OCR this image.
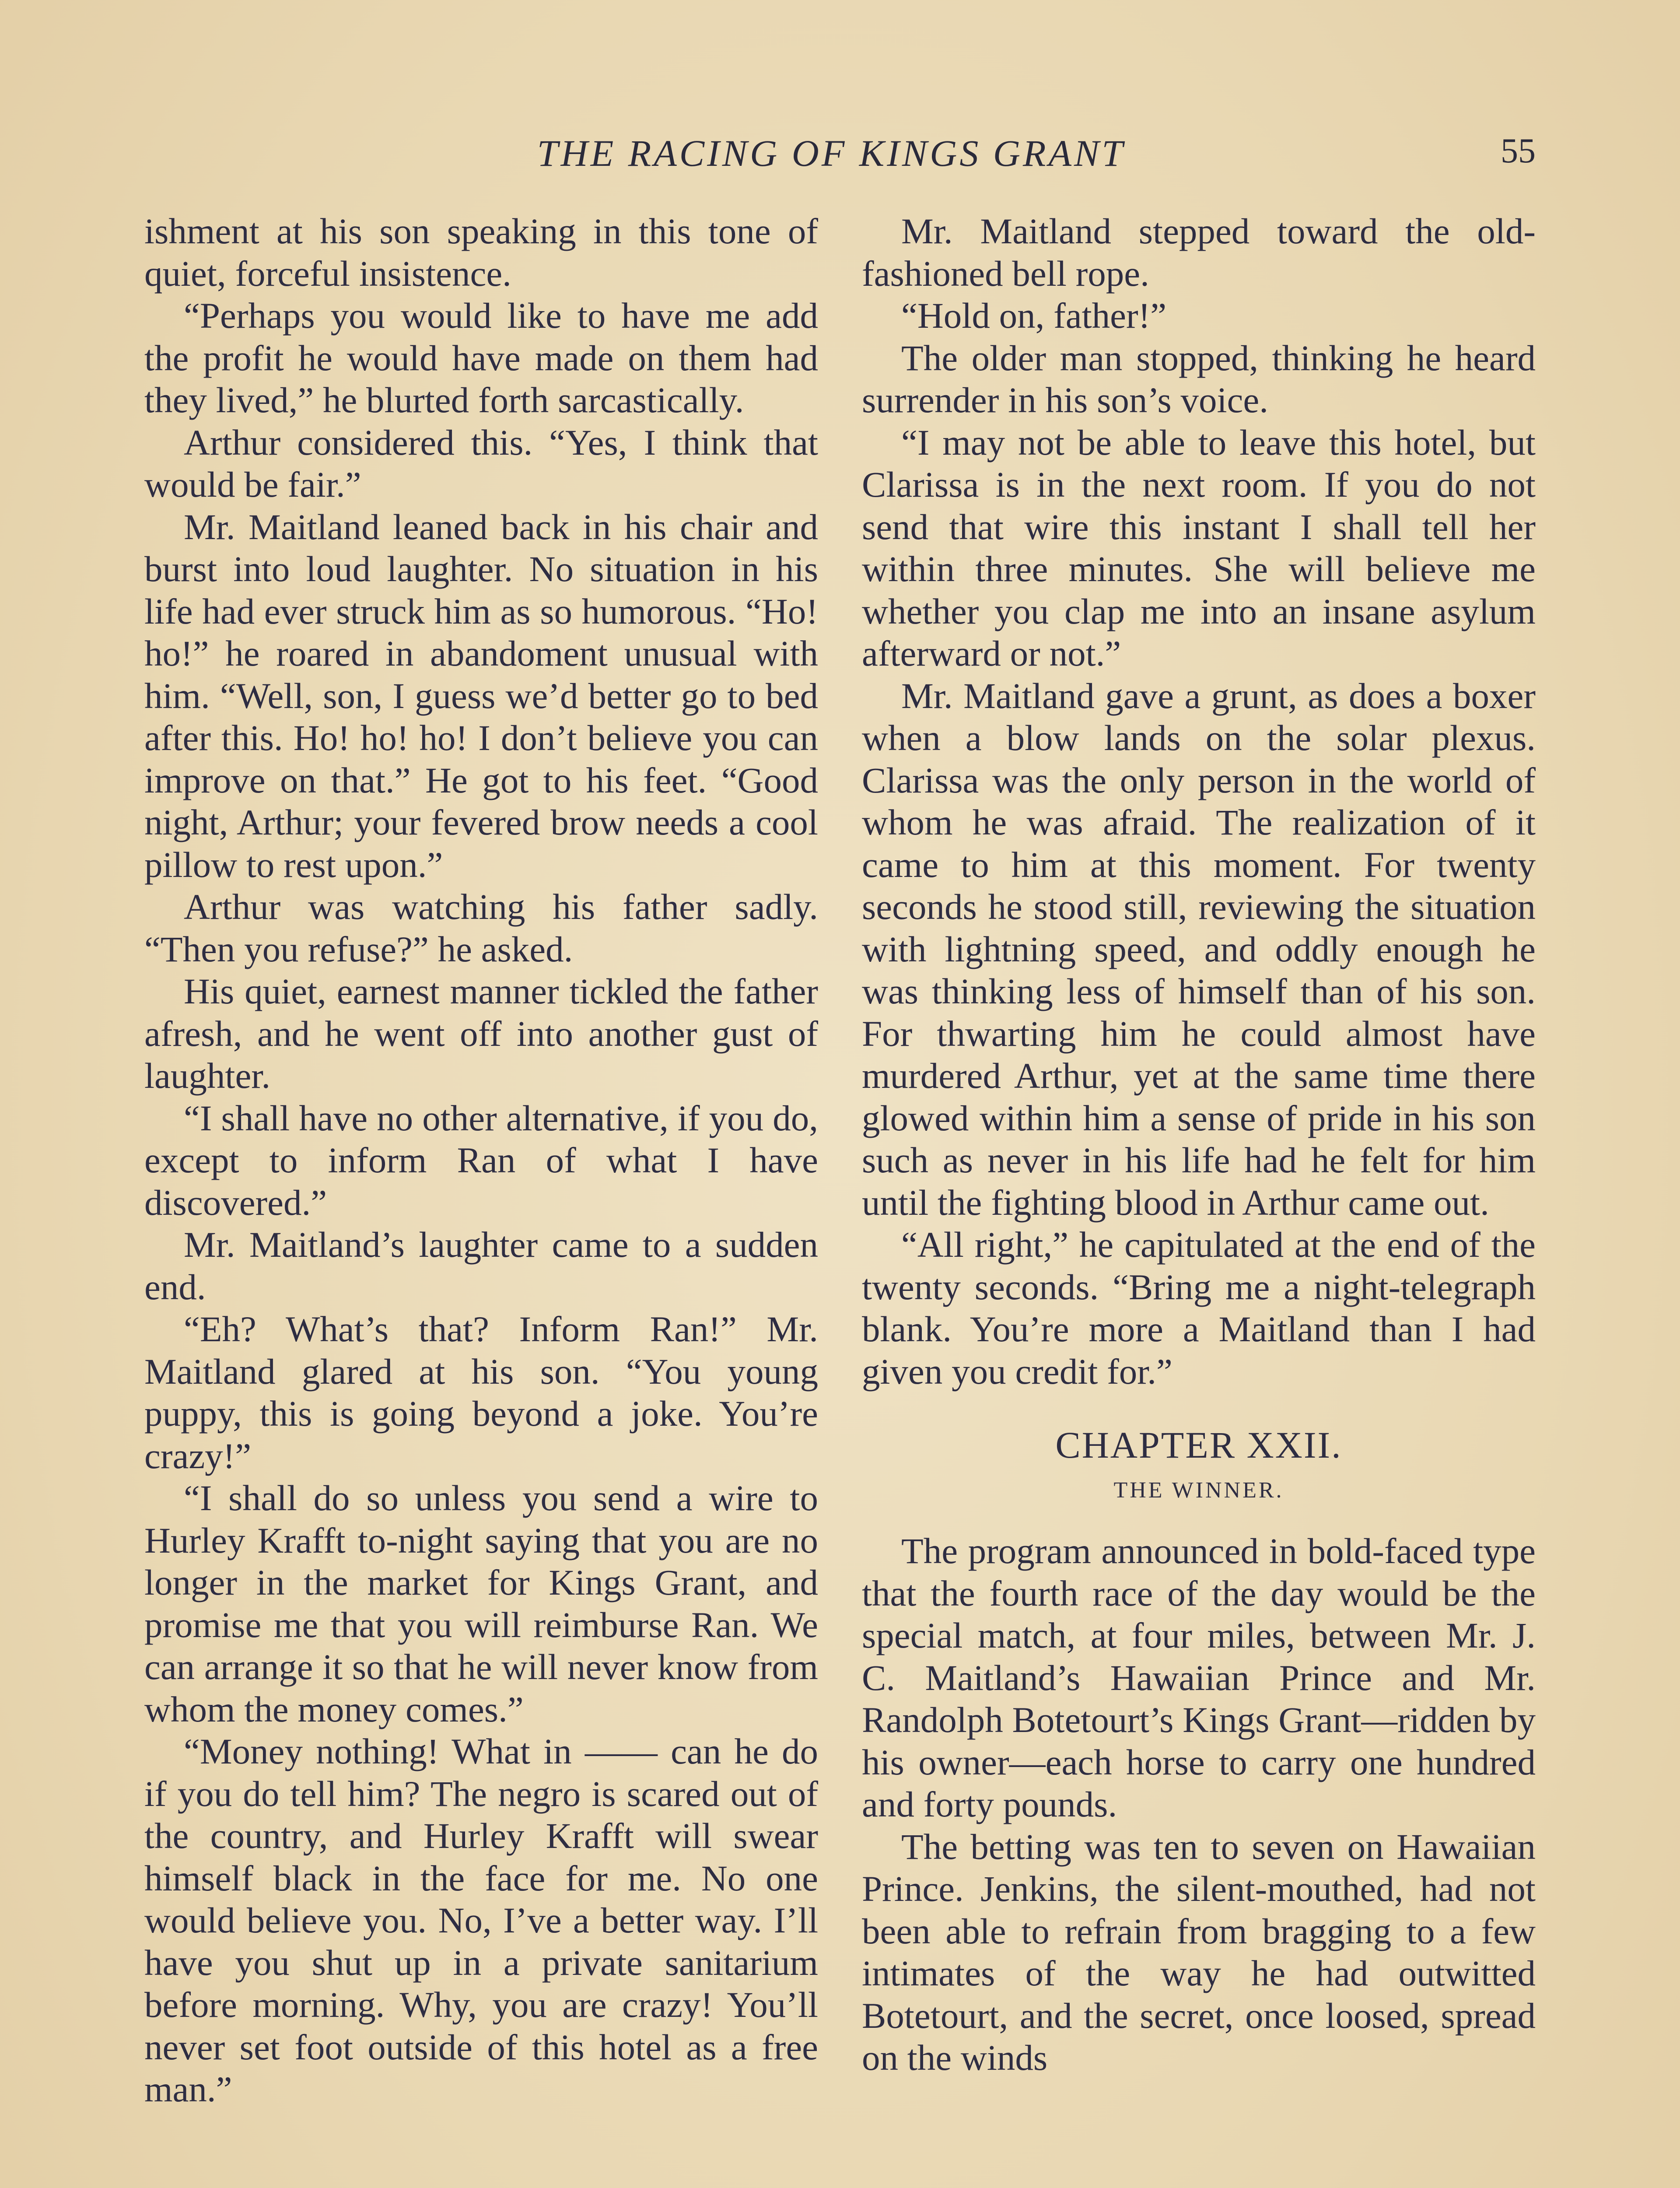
THE RACING OF KINGS GRANT	55

ishment at his son speaking in this tone of quiet, forceful insistence.

“Perhaps you would like to have me add the profit he would have made on them had they lived,” he blurted forth sarcastically.

Arthur considered this. “Yes, I think that would be fair.”

Mr. Maitland leaned back in his chair and burst into loud laughter. No situation in his life had ever struck him as so humorous. “Ho! ho!” he roared in abandoment unusual with him. “Well, son, I guess we’d better go to bed after this. Ho! ho! ho! I don’t believe you can improve on that.” He got to his feet. “Good night, Arthur; your fevered brow needs a cool pillow to rest upon.”

Arthur was watching his father sadly. “Then you refuse?” he asked.

His quiet, earnest manner tickled the father afresh, and he went off into another gust of laughter.

“I shall have no other alternative, if you do, except to inform Ran of what I have discovered.”

Mr. Maitland’s laughter came to a sudden end.

“Eh? What’s that? Inform Ran!” Mr. Maitland glared at his son. “You young puppy, this is going beyond a joke. You’re crazy!”

“I shall do so unless you send a wire to Hurley Krafft to-night saying that you are no longer in the market for Kings Grant, and promise me that you will reimburse Ran. We can arrange it so that he will never know from whom the money comes.”

“Money nothing! What in —— can he do if you do tell him? The negro is scared out of the country, and Hurley Krafft will swear himself black in the face for me. No one would believe you. No, I’ve a better way. I’ll have you shut up in a private sanitarium before morning. Why, you are crazy! You’ll never set foot outside of this hotel as a free man.”

Mr. Maitland stepped toward the old-fashioned bell rope.

“Hold on, father!”

The older man stopped, thinking he heard surrender in his son’s voice.

“I may not be able to leave this hotel, but Clarissa is in the next room. If you do not send that wire this instant I shall tell her within three minutes. She will believe me whether you clap me into an insane asylum afterward or not.”

Mr. Maitland gave a grunt, as does a boxer when a blow lands on the solar plexus. Clarissa was the only person in the world of whom he was afraid. The realization of it came to him at this moment. For twenty seconds he stood still, reviewing the situation with lightning speed, and oddly enough he was thinking less of himself than of his son. For thwarting him he could almost have murdered Arthur, yet at the same time there glowed within him a sense of pride in his son such as never in his life had he felt for him until the fighting blood in Arthur came out.

“All right,” he capitulated at the end of the twenty seconds. “Bring me a night-telegraph blank. You’re more a Maitland than I had given you credit for.”

CHAPTER XXII.
THE WINNER.

The program announced in bold-faced type that the fourth race of the day would be the special match, at four miles, between Mr. J. C. Maitland’s Hawaiian Prince and Mr. Randolph Botetourt’s Kings Grant—ridden by his owner—each horse to carry one hundred and forty pounds.

The betting was ten to seven on Hawaiian Prince. Jenkins, the silent-mouthed, had not been able to refrain from bragging to a few intimates of the way he had outwitted Botetourt, and the secret, once loosed, spread on the winds
